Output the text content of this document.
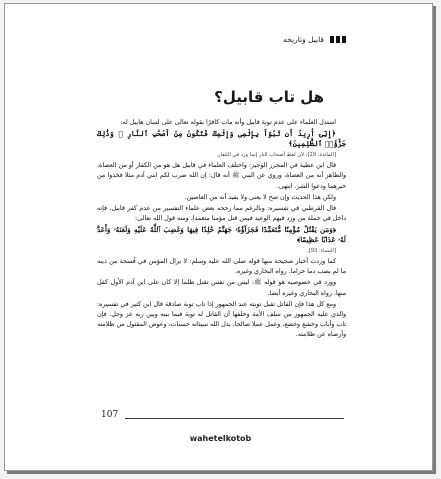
قابيل وتاريخه
هل تاب قابيل؟

استدل العلماء على عدم توبة قابيل وأنه مات كافرًا بقوله تعالى على لسان هابيل له:

﴿إِنِّىٓ أُرِيدُ أَن تَبُوٓأَ بِإِثْمِى وَإِثْمِكَ فَتَكُونَ مِنْ أَصْحَٰبِ ٱلنَّارِ ۚ وَذَٰلِكَ جَزَٰٓؤُا۟ ٱلظَّٰلِمِينَ﴾

[المائدة: 29]، لأن لفظ أصحاب النار إنما ورد في الكفار.

قال ابن عطية في المحرر الوجيز: واختلف العلماء في قابيل هل هو من الكفار أو من العصاة، والظاهر أنه من العصاة، وروي عن النبي ﷺ أنه قال: إن الله ضرب لكم ابني آدم مثلا فخذوا من خيرهما ودعوا الشر. انتهى.

ولكن هذا الحديث وإن صح لا يعني ولا يفيد أنه من العاصين.

قال القرطبي في تفسيره: وبالرغم مما رجحه بعض علماء التفسير من عدم كفر قابيل، فإنه داخل في جملة من ورد فيهم الوعيد فيمن قتل مؤمنا متعمدا، ومنه قول الله تعالى:

﴿وَمَن يَقْتُلْ مُؤْمِنًا مُّتَعَمِّدًا فَجَزَآؤُهُۥ جَهَنَّمُ خَٰلِدًا فِيهَا وَغَضِبَ ٱللَّهُ عَلَيْهِ وَلَعَنَهُۥ وَأَعَدَّ لَهُۥ عَذَابًا عَظِيمًا﴾

[النساء: 93].

كما وردت أخبار صحيحة منها قوله صلى الله عليه وسلم: لا يزال المؤمن في فُسحة من دينه ما لم يصب دما حراما. رواه البخاري وغيره.

وورد في خصوصيه هو قوله ﷺ: ليس من نفس تقتل ظلما إلا كان على ابن آدم الأول كفل منها. رواه البخاري وغيره أيضا.

ومع كل هذا فإن القاتل تقبل توبته عند الجمهور إذا تاب توبة صادقة قال ابن كثير في تفسيره: والذي عليه الجمهور من سلف الأمة وخلفها أن القاتل له توبة فيما بينه وبين ربه عز وجل، فإن تاب وأناب وخشع وخضع، وعمل عملا صالحا، بدل الله سيئاته حسنات، وعوض المقتول من ظلامته وأرضاه عن ظلامته.

107
wahetelkotob
